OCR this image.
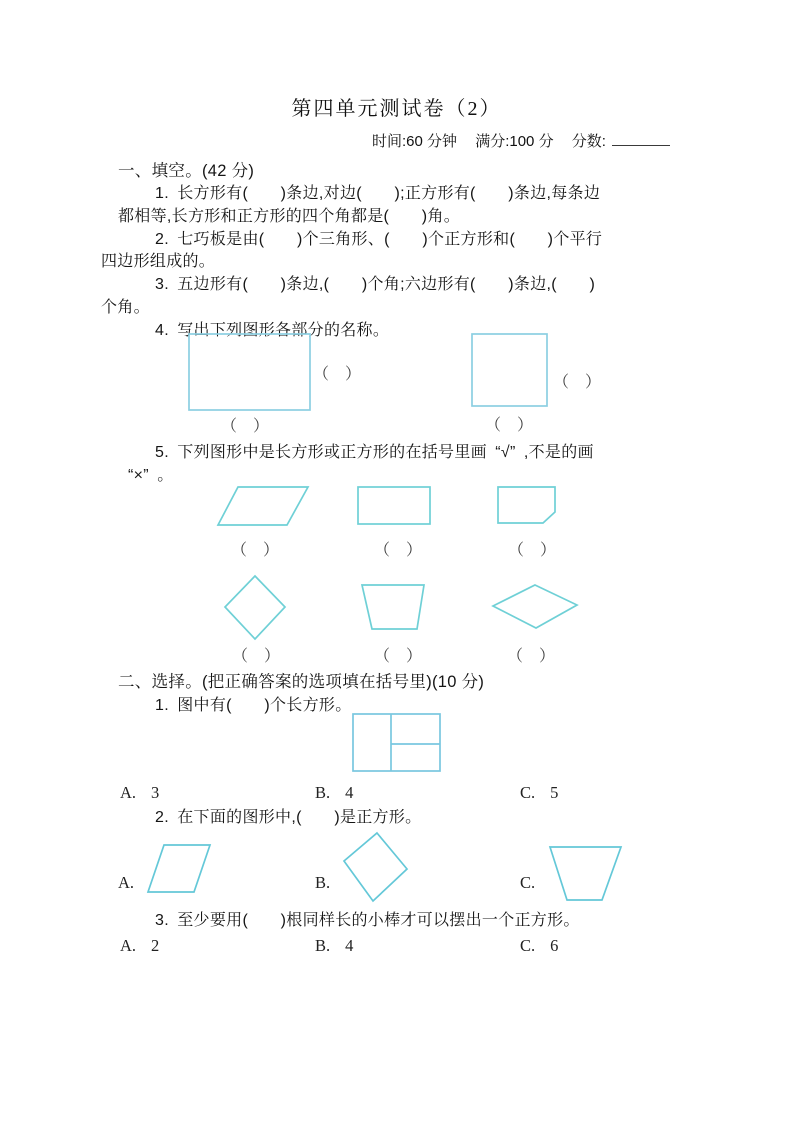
第四单元测试卷（2）
时间:60 分钟 满分:100 分 分数:
一、填空。(42 分)
1. 长方形有(　　)条边,对边(　　);正方形有(　　)条边,每条边
都相等,长方形和正方形的四个角都是(　　)角。
2. 七巧板是由(　　)个三角形、(　　)个正方形和(　　)个平行
四边形组成的。
3. 五边形有(　　)条边,(　　)个角;六边形有(　　)条边,(　　)
个角。
4. 写出下列图形各部分的名称。
（　）
（　）
（　）
（　）
5. 下列图形中是长方形或正方形的在括号里画 “√” ,不是的画
“×” 。
（　）	（　）	（　）
（　）	（　）	（　）
二、选择。(把正确答案的选项填在括号里)(10 分)
1. 图中有(　　)个长方形。
A. 3	B. 4	C. 5
2. 在下面的图形中,(　　)是正方形。
A.	B.	C.
3. 至少要用(　　)根同样长的小棒才可以摆出一个正方形。
A. 2	B. 4	C. 6
